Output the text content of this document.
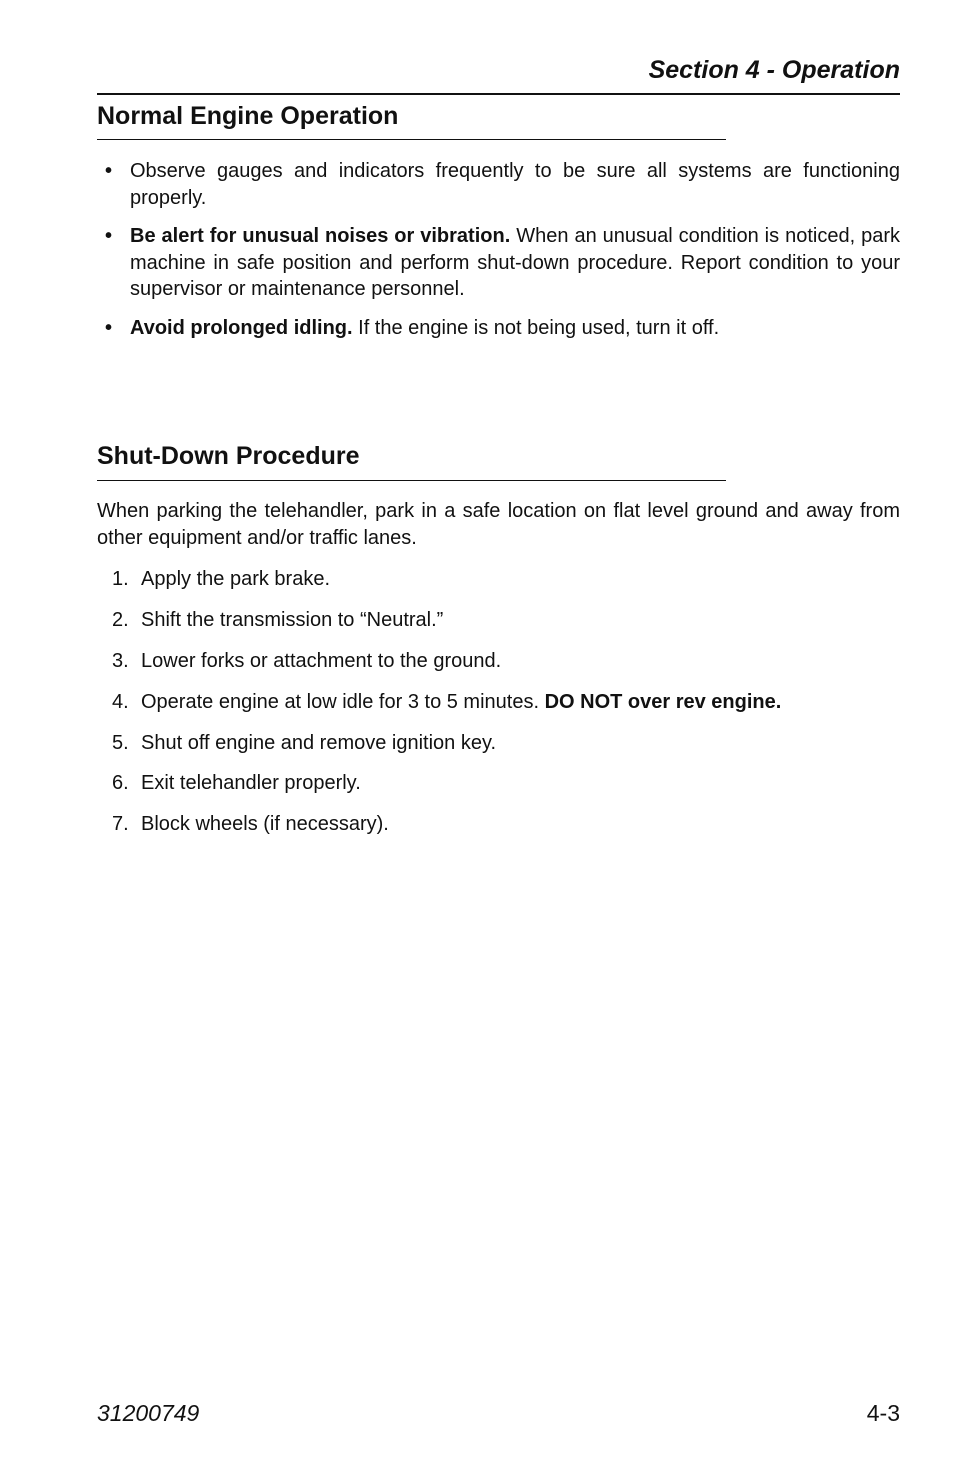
Section 4 - Operation
Normal Engine Operation
• Observe gauges and indicators frequently to be sure all systems are functioning properly.
• Be alert for unusual noises or vibration. When an unusual condition is noticed, park machine in safe position and perform shut-down procedure. Report condition to your supervisor or maintenance personnel.
• Avoid prolonged idling. If the engine is not being used, turn it off.
Shut-Down Procedure

When parking the telehandler, park in a safe location on flat level ground and away from other equipment and/or traffic lanes.

1. Apply the park brake.
2. Shift the transmission to “Neutral.”
3. Lower forks or attachment to the ground.
4. Operate engine at low idle for 3 to 5 minutes. DO NOT over rev engine.
5. Shut off engine and remove ignition key.
6. Exit telehandler properly.
7. Block wheels (if necessary).
31200749	4-3
